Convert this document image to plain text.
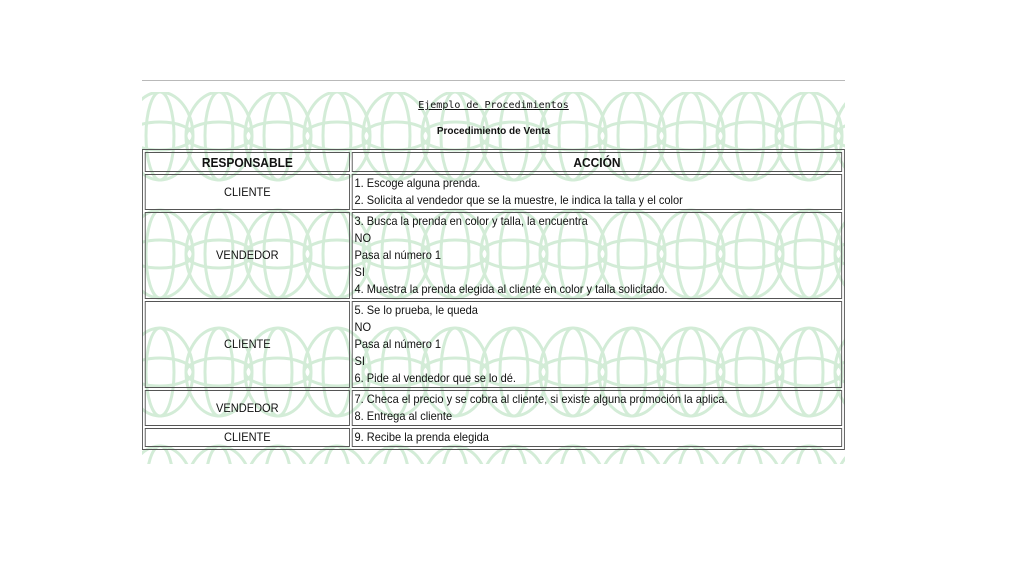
Ejemplo de Procedimientos
Procedimiento de Venta
RESPONSABLE	ACCIÓN
CLIENTE	1. Escoge alguna prenda.
2. Solicita al vendedor que se la muestre, le indica la talla y el color

VENDEDOR	3. Busca la prenda en color y talla, la encuentra
NO
Pasa al número 1
SI
4. Muestra la prenda elegida al cliente en color y talla solicitado.

CLIENTE	5. Se lo prueba, le queda
NO
Pasa al número 1
SI
6. Pide al vendedor que se lo dé.

VENDEDOR	7. Checa el precio y se cobra al cliente, si existe alguna promoción la aplica.
8. Entrega al cliente

CLIENTE	9. Recibe la prenda elegida
